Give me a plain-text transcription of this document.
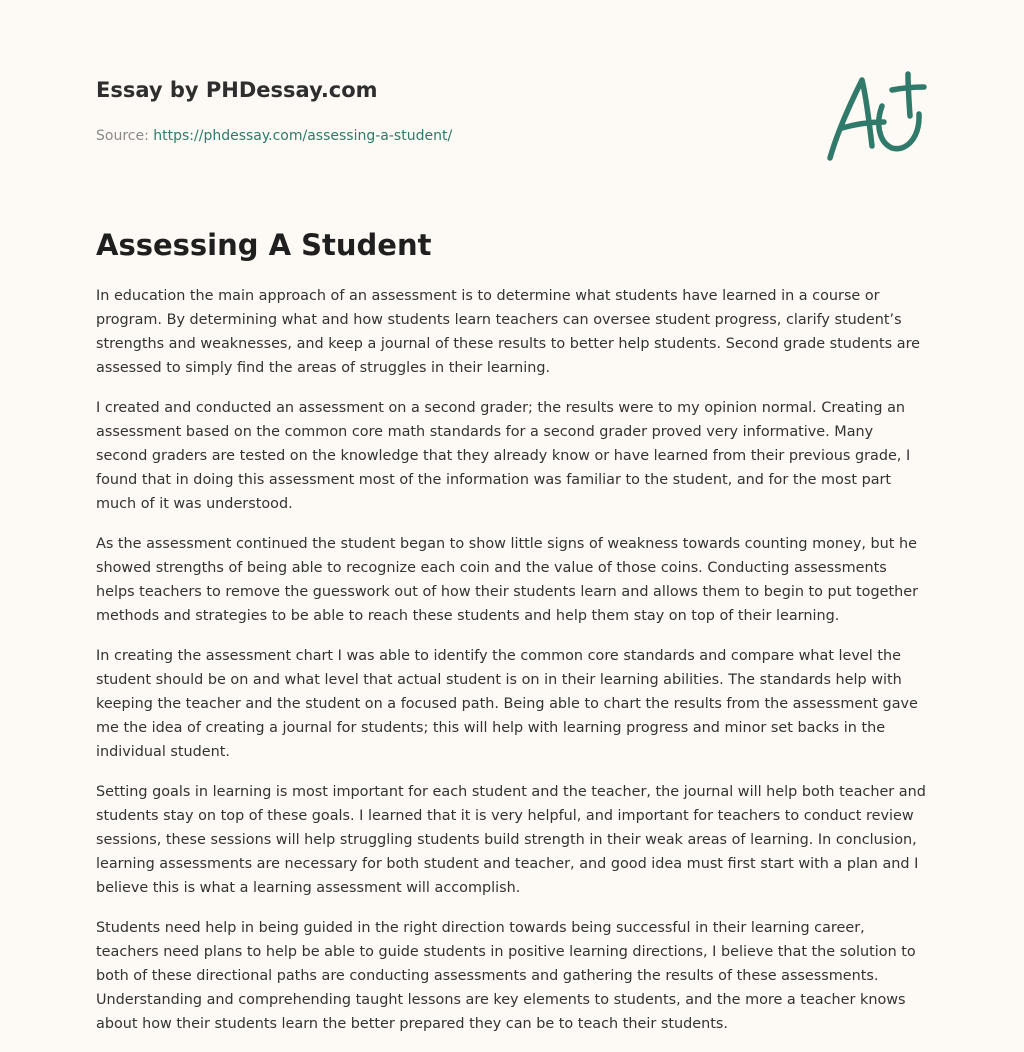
Essay by PHDessay.com
Source: https://phdessay.com/assessing-a-student/
Assessing A Student

In education the main approach of an assessment is to determine what students have learned in a course or program. By determining what and how students learn teachers can oversee student progress, clarify student’s strengths and weaknesses, and keep a journal of these results to better help students. Second grade students are assessed to simply find the areas of struggles in their learning.

I created and conducted an assessment on a second grader; the results were to my opinion normal. Creating an assessment based on the common core math standards for a second grader proved very informative. Many second graders are tested on the knowledge that they already know or have learned from their previous grade, I found that in doing this assessment most of the information was familiar to the student, and for the most part much of it was understood.

As the assessment continued the student began to show little signs of weakness towards counting money, but he showed strengths of being able to recognize each coin and the value of those coins. Conducting assessments helps teachers to remove the guesswork out of how their students learn and allows them to begin to put together methods and strategies to be able to reach these students and help them stay on top of their learning.

In creating the assessment chart I was able to identify the common core standards and compare what level the student should be on and what level that actual student is on in their learning abilities. The standards help with keeping the teacher and the student on a focused path. Being able to chart the results from the assessment gave me the idea of creating a journal for students; this will help with learning progress and minor set backs in the individual student.

Setting goals in learning is most important for each student and the teacher, the journal will help both teacher and students stay on top of these goals. I learned that it is very helpful, and important for teachers to conduct review sessions, these sessions will help struggling students build strength in their weak areas of learning. In conclusion, learning assessments are necessary for both student and teacher, and good idea must first start with a plan and I believe this is what a learning assessment will accomplish.

Students need help in being guided in the right direction towards being successful in their learning career, teachers need plans to help be able to guide students in positive learning directions, I believe that the solution to both of these directional paths are conducting assessments and gathering the results of these assessments. Understanding and comprehending taught lessons are key elements to students, and the more a teacher knows about how their students learn the better prepared they can be to teach their students.
